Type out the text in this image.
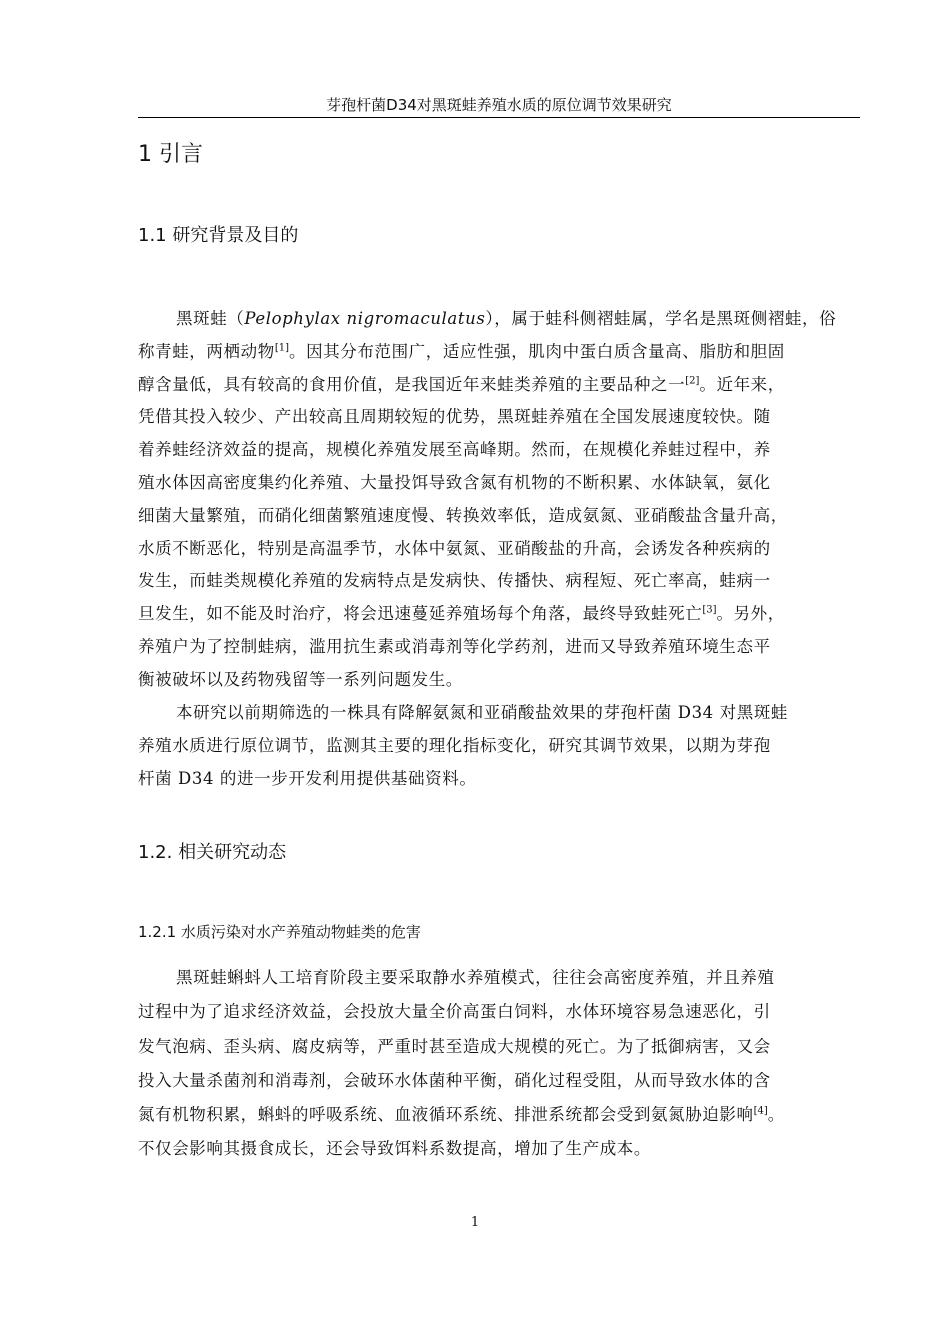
芽孢杆菌D34对黑斑蛙养殖水质的原位调节效果研究
1 引言
1.1 研究背景及目的
黑斑蛙（Pelophylax nigromaculatus），属于蛙科侧褶蛙属，学名是黑斑侧褶蛙，俗
称青蛙，两栖动物[1]。因其分布范围广，适应性强，肌肉中蛋白质含量高、脂肪和胆固
醇含量低，具有较高的食用价值，是我国近年来蛙类养殖的主要品种之一[2]。近年来，
凭借其投入较少、产出较高且周期较短的优势，黑斑蛙养殖在全国发展速度较快。随
着养蛙经济效益的提高，规模化养殖发展至高峰期。然而，在规模化养蛙过程中，养
殖水体因高密度集约化养殖、大量投饵导致含氮有机物的不断积累、水体缺氧，氨化
细菌大量繁殖，而硝化细菌繁殖速度慢、转换效率低，造成氨氮、亚硝酸盐含量升高，
水质不断恶化，特别是高温季节，水体中氨氮、亚硝酸盐的升高，会诱发各种疾病的
发生，而蛙类规模化养殖的发病特点是发病快、传播快、病程短、死亡率高，蛙病一
旦发生，如不能及时治疗，将会迅速蔓延养殖场每个角落，最终导致蛙死亡[3]。另外，
养殖户为了控制蛙病，滥用抗生素或消毒剂等化学药剂，进而又导致养殖环境生态平
衡被破坏以及药物残留等一系列问题发生。
本研究以前期筛选的一株具有降解氨氮和亚硝酸盐效果的芽孢杆菌 D34 对黑斑蛙
养殖水质进行原位调节，监测其主要的理化指标变化，研究其调节效果，以期为芽孢
杆菌 D34 的进一步开发利用提供基础资料。
1.2. 相关研究动态
1.2.1 水质污染对水产养殖动物蛙类的危害
黑斑蛙蝌蚪人工培育阶段主要采取静水养殖模式，往往会高密度养殖，并且养殖
过程中为了追求经济效益，会投放大量全价高蛋白饲料，水体环境容易急速恶化，引
发气泡病、歪头病、腐皮病等，严重时甚至造成大规模的死亡。为了抵御病害，又会
投入大量杀菌剂和消毒剂，会破环水体菌种平衡，硝化过程受阻，从而导致水体的含
氮有机物积累，蝌蚪的呼吸系统、血液循环系统、排泄系统都会受到氨氮胁迫影响[4]。
不仅会影响其摄食成长，还会导致饵料系数提高，增加了生产成本。
1
